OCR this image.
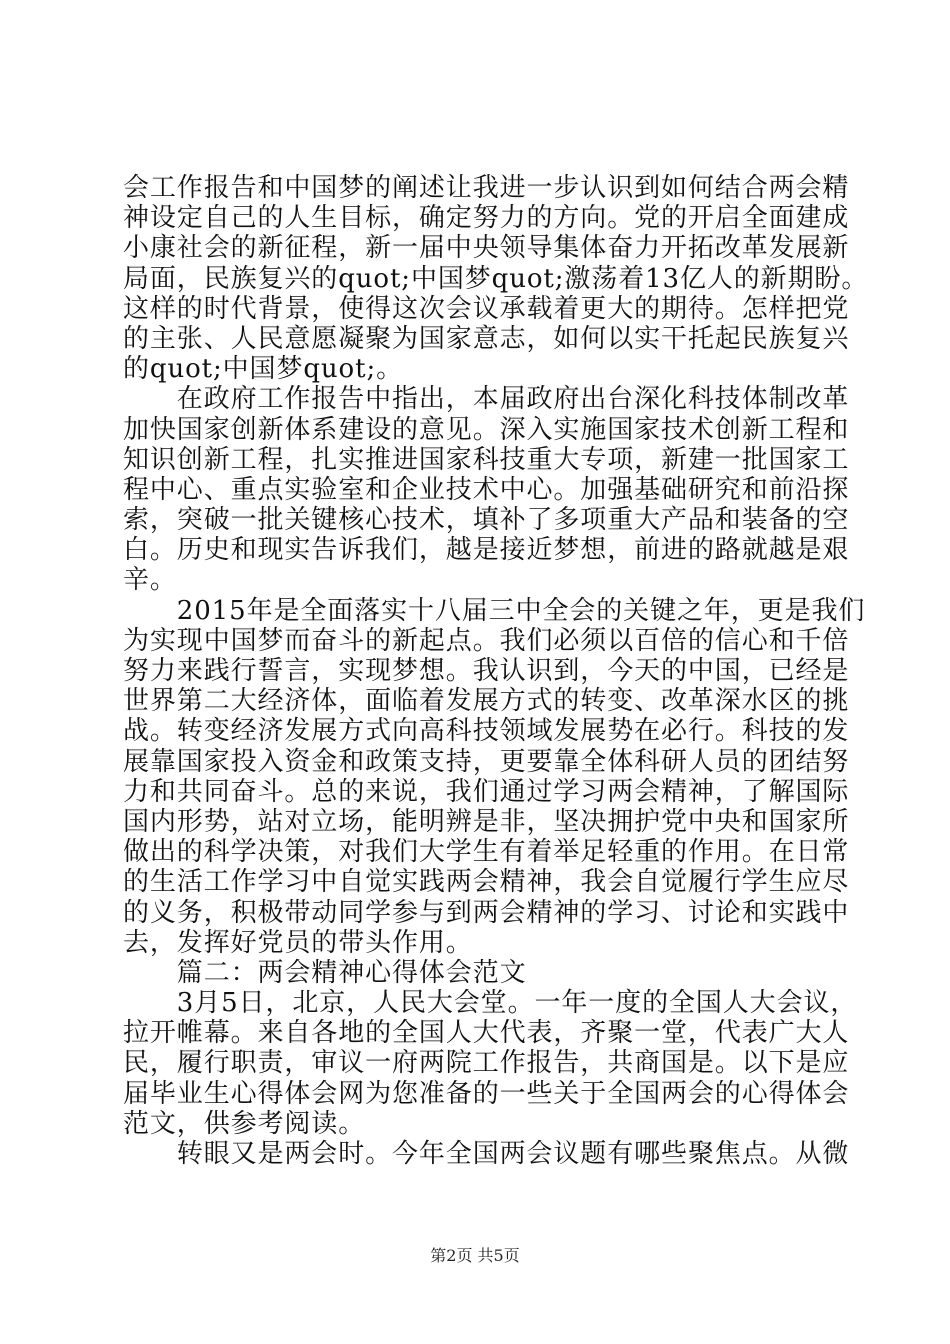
会工作报告和中国梦的阐述让我进一步认识到如何结合两会精
神设定自己的人生目标，确定努力的方向。党的开启全面建成
小康社会的新征程，新一届中央领导集体奋力开拓改革发展新
局面，民族复兴的quot;中国梦quot;激荡着13亿人的新期盼。
这样的时代背景，使得这次会议承载着更大的期待。怎样把党
的主张、人民意愿凝聚为国家意志，如何以实干托起民族复兴
的quot;中国梦quot;。
　　在政府工作报告中指出，本届政府出台深化科技体制改革
加快国家创新体系建设的意见。深入实施国家技术创新工程和
知识创新工程，扎实推进国家科技重大专项，新建一批国家工
程中心、重点实验室和企业技术中心。加强基础研究和前沿探
索，突破一批关键核心技术，填补了多项重大产品和装备的空
白。历史和现实告诉我们，越是接近梦想，前进的路就越是艰
辛。
　　2015年是全面落实十八届三中全会的关键之年，更是我们
为实现中国梦而奋斗的新起点。我们必须以百倍的信心和千倍
努力来践行誓言，实现梦想。我认识到，今天的中国，已经是
世界第二大经济体，面临着发展方式的转变、改革深水区的挑
战。转变经济发展方式向高科技领域发展势在必行。科技的发
展靠国家投入资金和政策支持，更要靠全体科研人员的团结努
力和共同奋斗。总的来说，我们通过学习两会精神，了解国际
国内形势，站对立场，能明辨是非，坚决拥护党中央和国家所
做出的科学决策，对我们大学生有着举足轻重的作用。在日常
的生活工作学习中自觉实践两会精神，我会自觉履行学生应尽
的义务，积极带动同学参与到两会精神的学习、讨论和实践中
去，发挥好党员的带头作用。
　　篇二：两会精神心得体会范文
　　3月5日，北京，人民大会堂。一年一度的全国人大会议，
拉开帷幕。来自各地的全国人大代表，齐聚一堂，代表广大人
民，履行职责，审议一府两院工作报告，共商国是。以下是应
届毕业生心得体会网为您准备的一些关于全国两会的心得体会
范文，供参考阅读。
　　转眼又是两会时。今年全国两会议题有哪些聚焦点。从微
第2页 共5页
